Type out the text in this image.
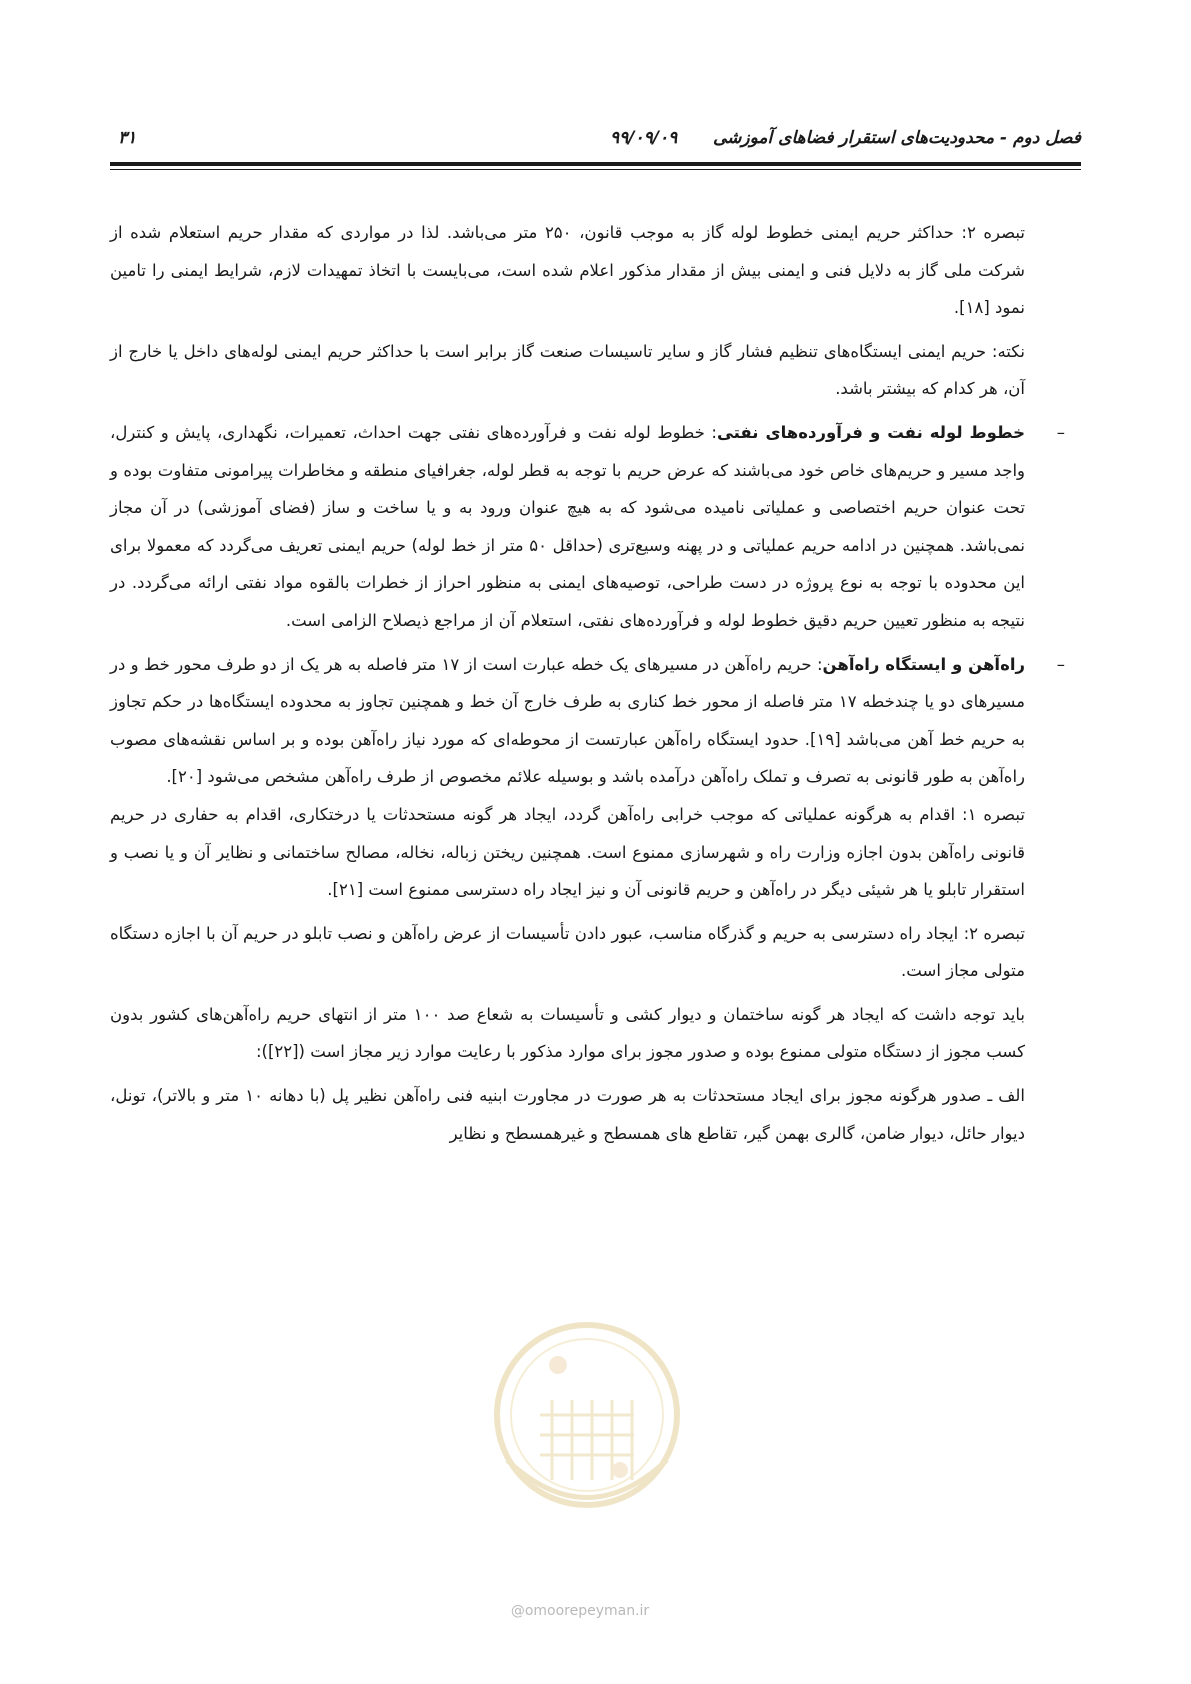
فصل دوم - محدودیت‌های استقرار فضاهای آموزشی
۹۹/۰۹/۰۹
۳۱

تبصره ۲: حداکثر حریم ایمنی خطوط لوله گاز به موجب قانون، ۲۵۰ متر می‌باشد. لذا در مواردی که مقدار حریم استعلام شده از شرکت ملی گاز به دلایل فنی و ایمنی بیش از مقدار مذکور اعلام شده است، می‌بایست با اتخاذ تمهیدات لازم، شرایط ایمنی را تامین نمود [۱۸].

نکته: حریم ایمنی ایستگاه‌های تنظیم فشار گاز و سایر تاسیسات صنعت گاز برابر است با حداکثر حریم ایمنی لوله‌های داخل یا خارج از آن، هر کدام که بیشتر باشد.

–
خطوط لوله نفت و فرآورده‌های نفتی: خطوط لوله نفت و فرآورده‌های نفتی جهت احداث، تعمیرات، نگهداری، پایش و کنترل، واجد مسیر و حریم‌های خاص خود می‌باشند که عرض حریم با توجه به قطر لوله، جغرافیای منطقه و مخاطرات پیرامونی متفاوت بوده و تحت عنوان حریم اختصاصی و عملیاتی نامیده می‌شود که به هیچ عنوان ورود به و یا ساخت و ساز (فضای آموزشی) در آن مجاز نمی‌باشد. همچنین در ادامه حریم عملیاتی و در پهنه وسیع‌تری (حداقل ۵۰ متر از خط لوله) حریم ایمنی تعریف می‌گردد که معمولا برای این محدوده با توجه به نوع پروژه در دست طراحی، توصیه‌های ایمنی به منظور احراز از خطرات بالقوه مواد نفتی ارائه می‌گردد. در نتیجه به منظور تعیین حریم دقیق خطوط لوله و فرآورده‌های نفتی، استعلام آن از مراجع ذیصلاح الزامی است.

–
راه‌آهن و ایستگاه راه‌آهن: حریم راه‌آهن در مسیرهای یک خطه عبارت است از ۱۷ متر فاصله به هر یک از دو طرف محور خط و در مسیرهای دو یا چندخطه ۱۷ متر فاصله از محور خط کناری به طرف خارج آن خط و همچنین تجاوز به محدوده ایستگاه‌ها در حکم تجاوز به حریم خط آهن می‌باشد [۱۹]. حدود ایستگاه راه‌آهن عبارتست از محوطه‌ای که مورد نیاز راه‌آهن بوده و بر اساس نقشه‌های مصوب راه‌آهن به طور قانونی به تصرف و تملک راه‌آهن درآمده باشد و بوسیله علائم مخصوص از طرف راه‌آهن مشخص می‌شود [۲۰].

تبصره ۱: اقدام به هرگونه عملیاتی که موجب خرابی راه‌آهن گردد، ایجاد هر گونه مستحدثات یا درختکاری، اقدام به حفاری در حریم قانونی راه‌آهن بدون اجازه وزارت راه و شهرسازی ممنوع است. همچنین ریختن زباله، نخاله، مصالح ساختمانی و نظایر آن و یا نصب و استقرار تابلو یا هر شیئی دیگر در راه‌آهن و حریم قانونی آن و نیز ایجاد راه دسترسی ممنوع است [۲۱].

تبصره ۲: ایجاد راه دسترسی به حریم و گذرگاه مناسب، عبور دادن تأسیسات از عرض راه‌آهن و نصب تابلو در حریم آن با اجازه دستگاه متولی مجاز است.

باید توجه داشت که ایجاد هر گونه ساختمان و دیوار کشی و تأسیسات به شعاع صد ۱۰۰ متر از انتهای حریم راه‌آهن‌های کشور بدون کسب مجوز از دستگاه متولی ممنوع بوده و صدور مجوز برای موارد مذکور با رعایت موارد زیر مجاز است ([۲۲]):

الف ـ صدور هرگونه مجوز برای ایجاد مستحدثات به هر صورت در مجاورت ابنیه فنی راه‌آهن نظیر پل (با دهانه ۱۰ متر و بالاتر)، تونل، دیوار حائل، دیوار ضامن، گالری بهمن گیر، تقاطع های همسطح و غیرهمسطح و نظایر

@omoorepeyman.ir
